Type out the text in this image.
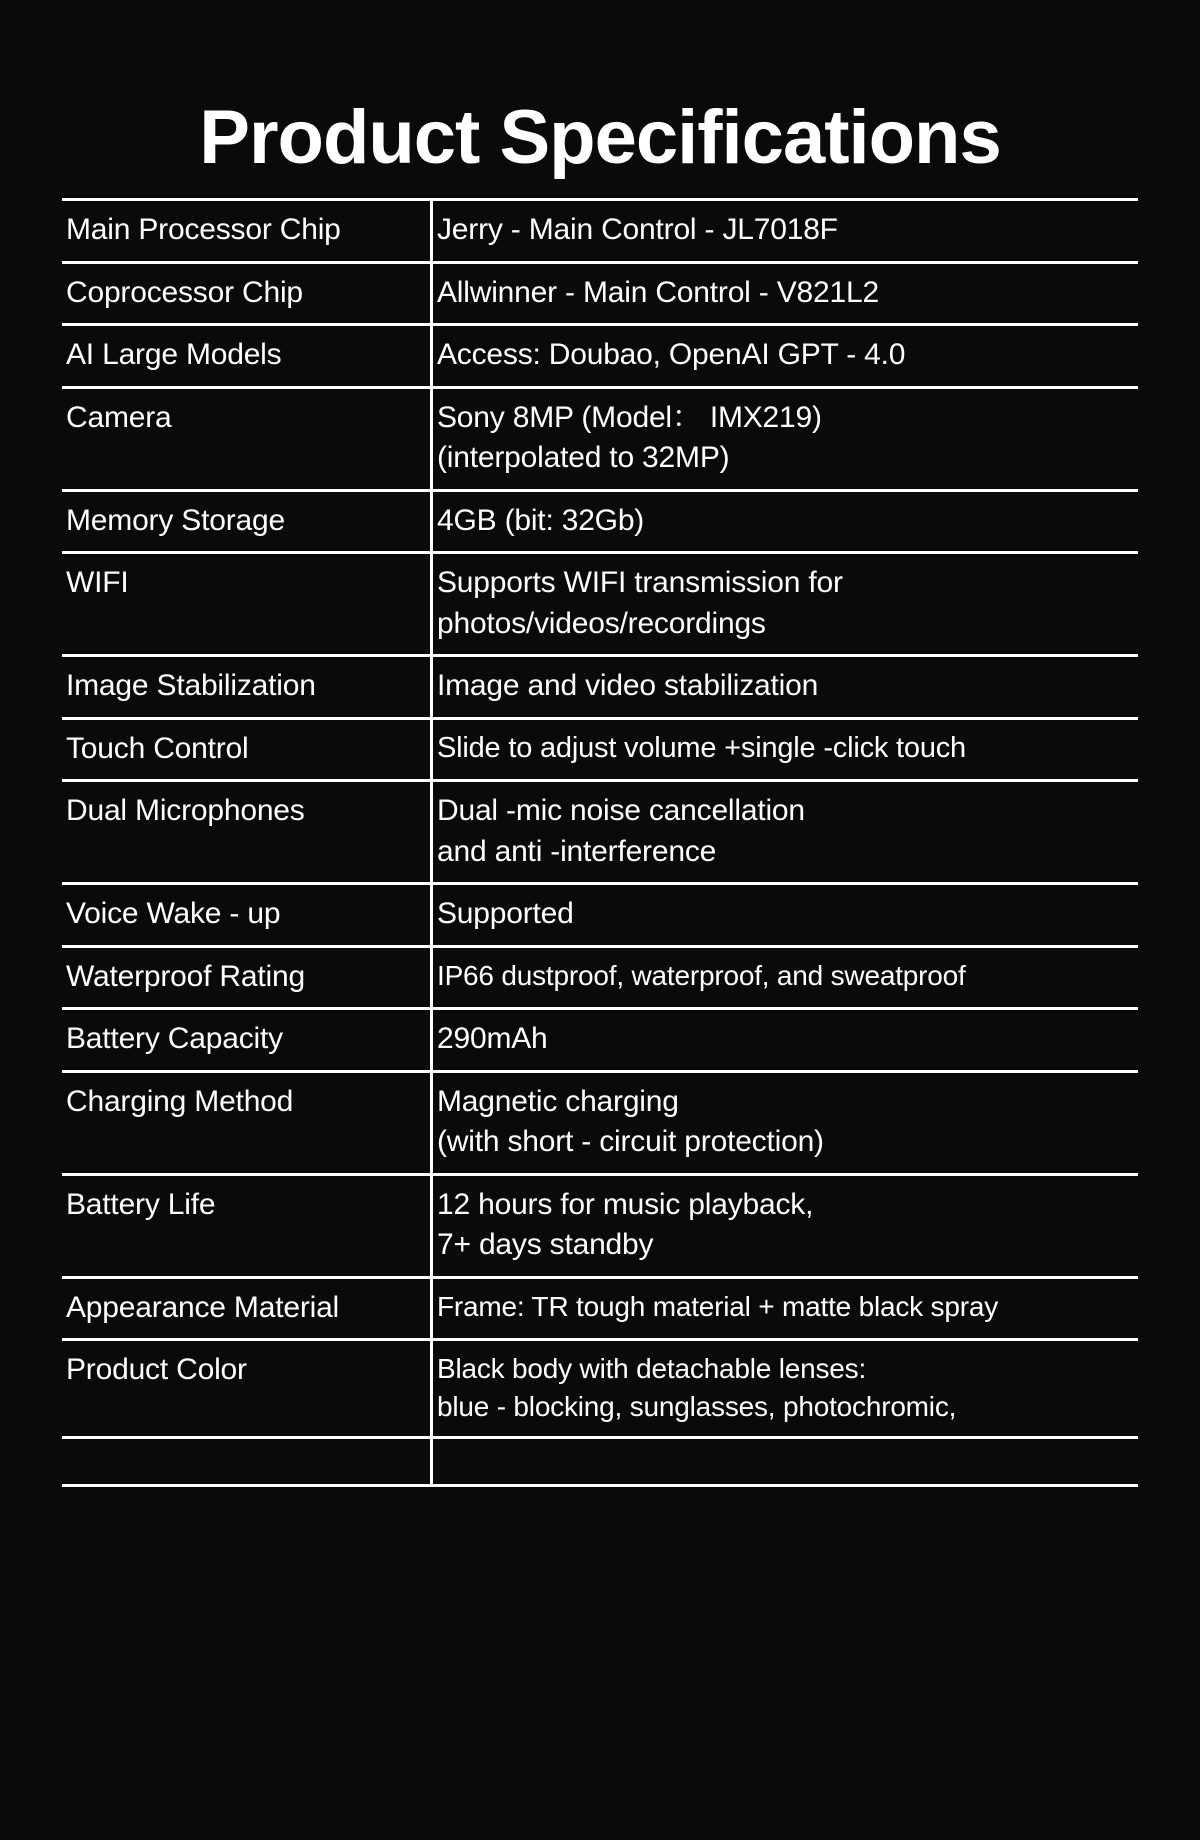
Product Specifications
Main Processor Chip	Jerry - Main Control - JL7018F

Coprocessor Chip	Allwinner - Main Control - V821L2

AI Large Models	Access: Doubao, OpenAI GPT - 4.0

Camera	Sony 8MP (Model： IMX219)
(interpolated to 32MP)

Memory Storage	4GB (bit: 32Gb)

WIFI	Supports WIFI transmission for
photos/videos/recordings

Image Stabilization	Image and video stabilization

Touch Control	Slide to adjust volume +single -click touch

Dual Microphones	Dual -mic noise cancellation
and anti -interference

Voice Wake - up	Supported

Waterproof Rating	IP66 dustproof, waterproof, and sweatproof

Battery Capacity	290mAh

Charging Method	Magnetic charging
(with short - circuit protection)

Battery Life	12 hours for music playback,
7+ days standby

Appearance Material	Frame: TR tough material + matte black spray

Product Color	Black body with detachable lenses:
blue - blocking, sunglasses, photochromic,
